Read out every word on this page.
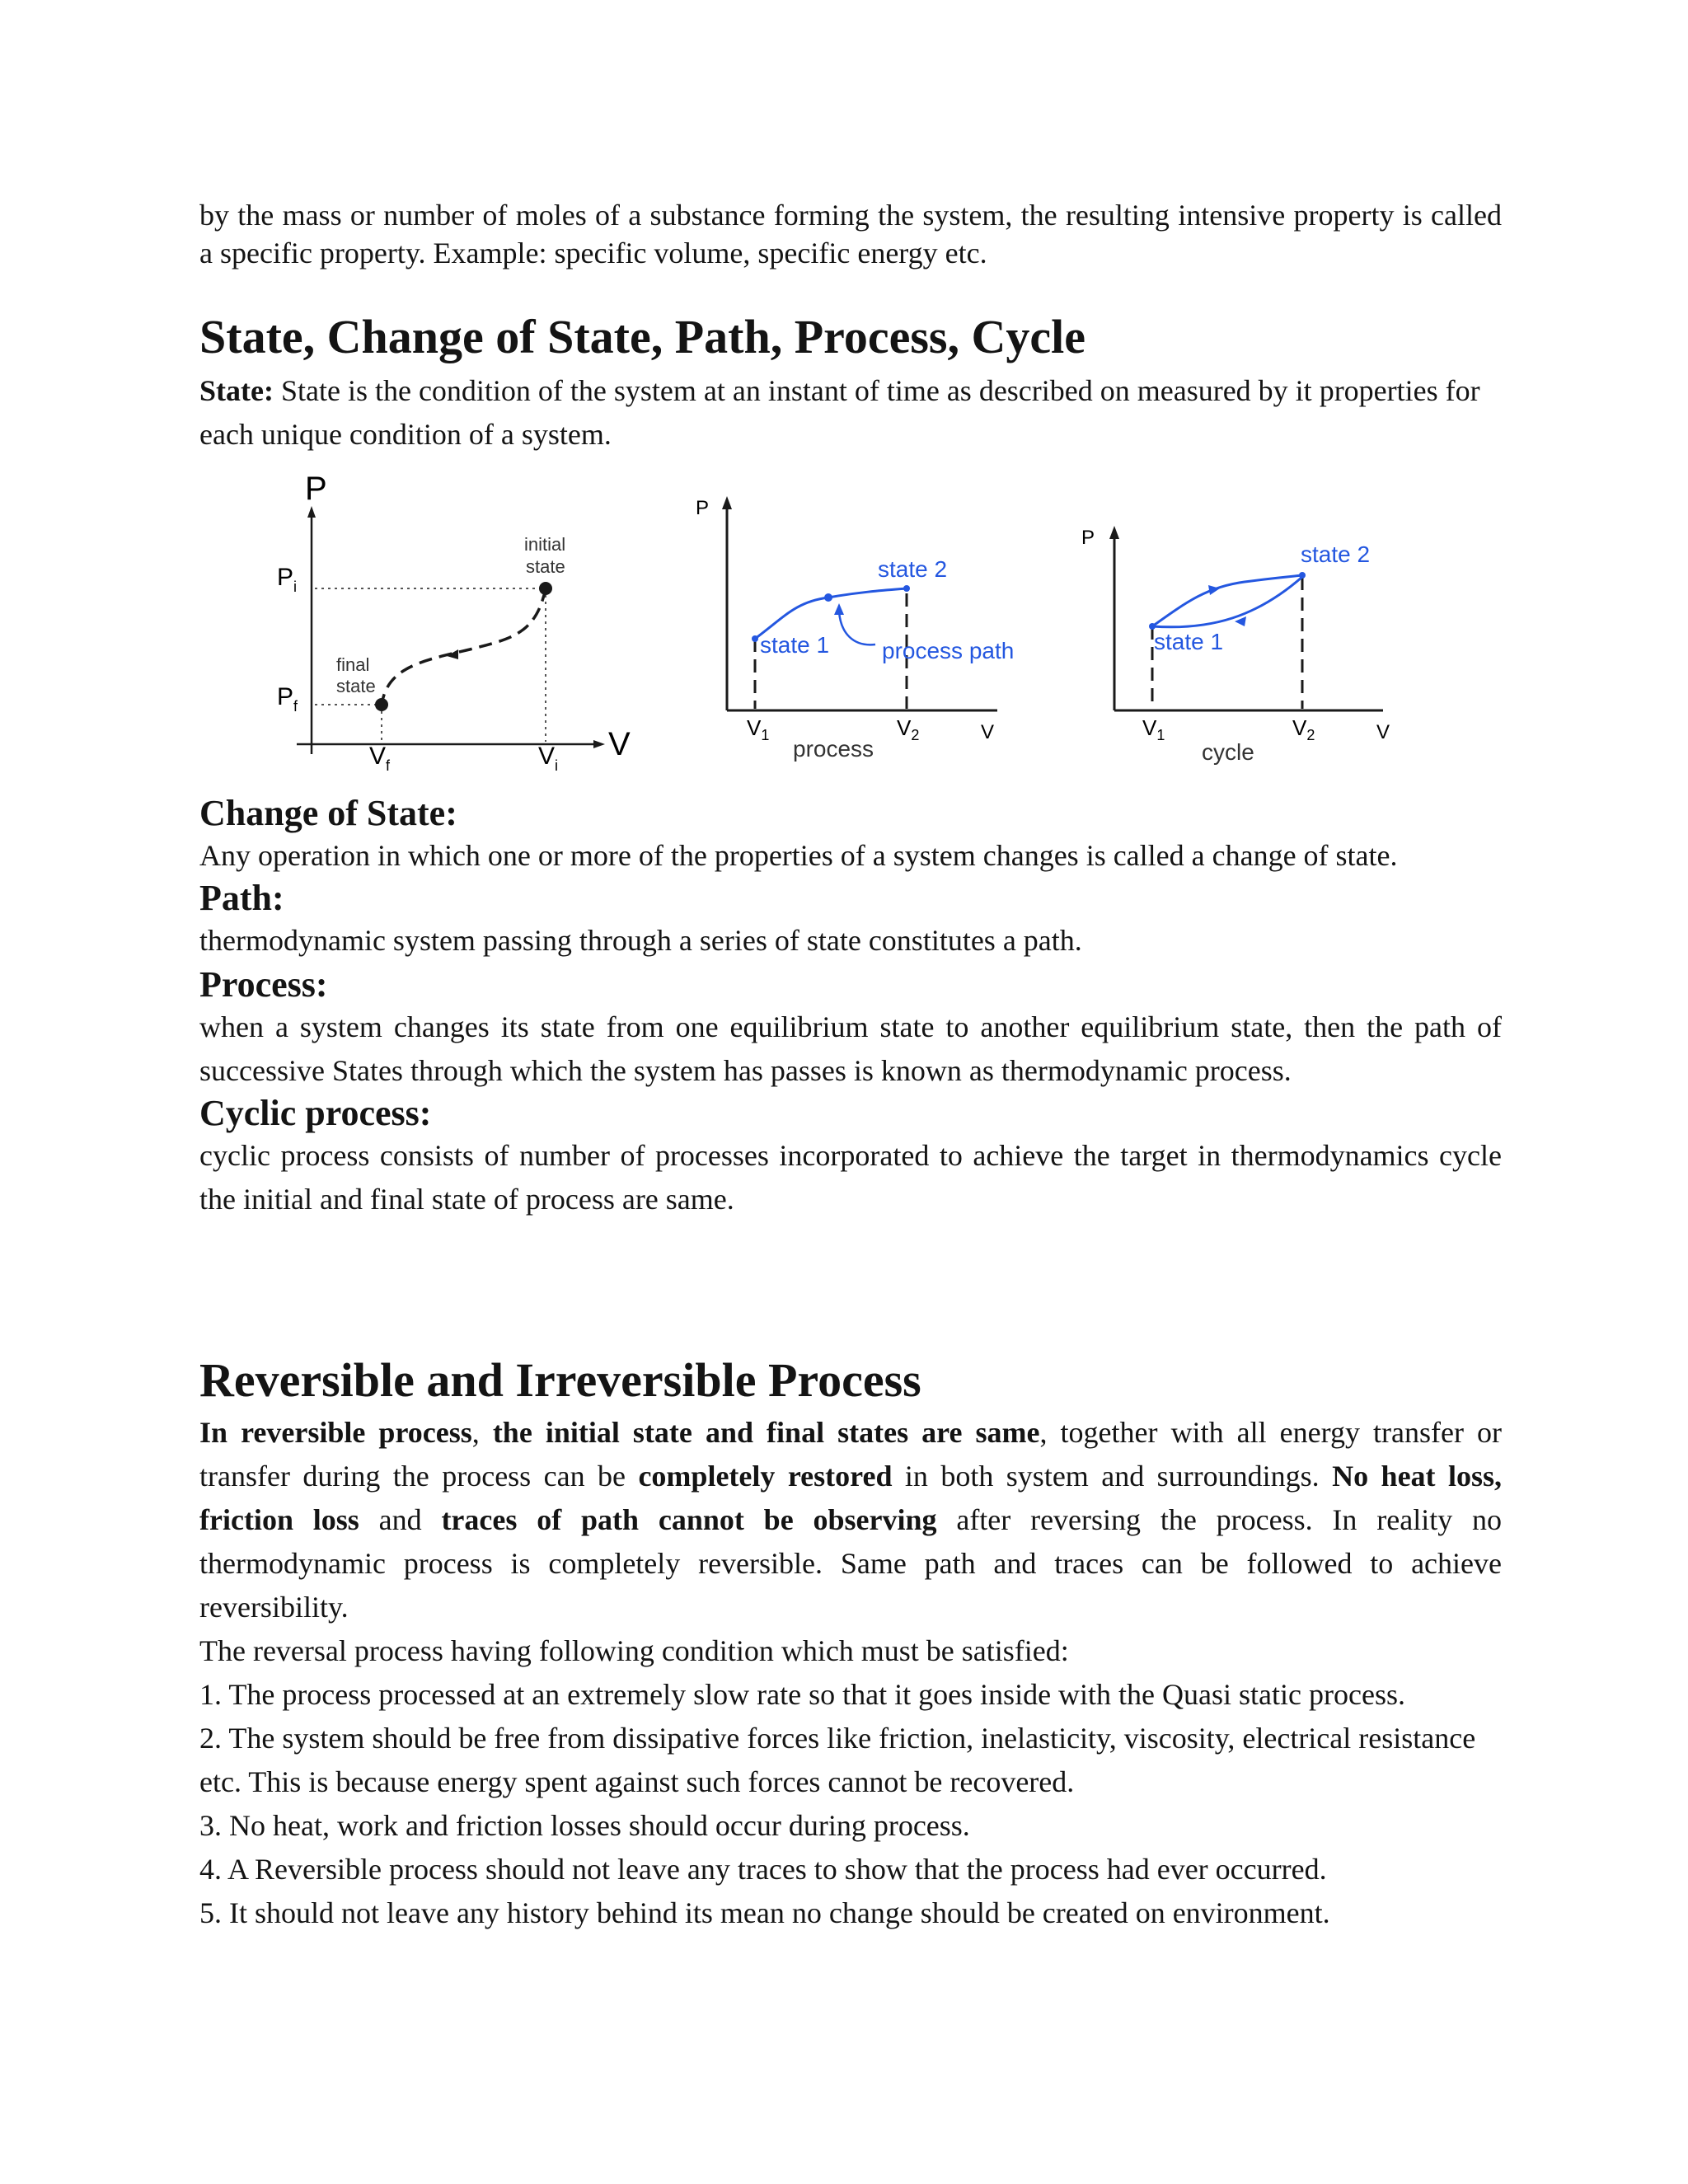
by the mass or number of moles of a substance forming the system, the resulting intensive property is called a specific property. Example: specific volume, specific energy etc.

State, Change of State, Path, Process, Cycle

State: State is the condition of the system at an instant of time as described on measured by it properties for each unique condition of a system.

P
V
$P_i$
$P_f$
$V_f$	$V_i$
initial
state
final
state
P
V
state 1
state 2
process path
$V_1$	$V_2$
process
P
V
state 1
state 2
$V_1$	$V_2$
cycle
Change of State:

Any operation in which one or more of the properties of a system changes is called a change of state.

Path:

thermodynamic system passing through a series of state constitutes a path.

Process:

when a system changes its state from one equilibrium state to another equilibrium state, then the path of successive States through which the system has passes is known as thermodynamic process.

Cyclic process:

cyclic process consists of number of processes incorporated to achieve the target in thermodynamics cycle the initial and final state of process are same.

Reversible and Irreversible Process

In reversible process, the initial state and final states are same, together with all energy transfer or transfer during the process can be completely restored in both system and surroundings. No heat loss, friction loss and traces of path cannot be observing after reversing the process. In reality no thermodynamic process is completely reversible. Same path and traces can be followed to achieve reversibility.

The reversal process having following condition which must be satisfied:

1. The process processed at an extremely slow rate so that it goes inside with the Quasi static process.

2. The system should be free from dissipative forces like friction, inelasticity, viscosity, electrical resistance etc. This is because energy spent against such forces cannot be recovered.

3. No heat, work and friction losses should occur during process.

4. A Reversible process should not leave any traces to show that the process had ever occurred.

5. It should not leave any history behind its mean no change should be created on environment.
